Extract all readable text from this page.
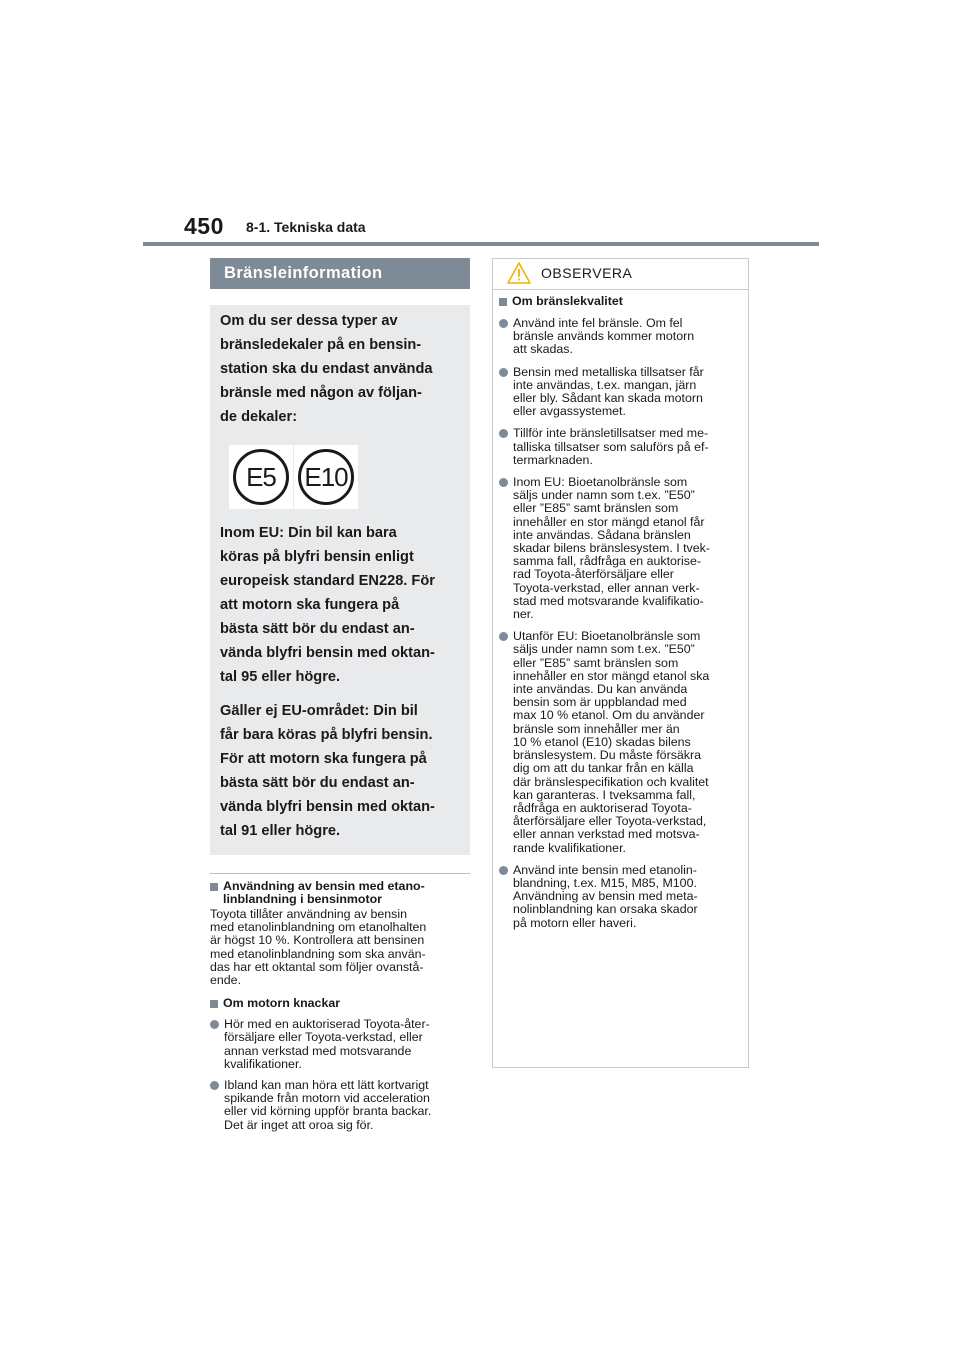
450 8-1. Tekniska data
Bränsleinformation

Om du ser dessa typer av
bränsledekaler på en bensin-
station ska du endast använda
bränsle med någon av följan-
de dekaler:

E5	E10

Inom EU: Din bil kan bara
köras på blyfri bensin enligt
europeisk standard EN228. För
att motorn ska fungera på
bästa sätt bör du endast an-
vända blyfri bensin med oktan-
tal 95 eller högre.

Gäller ej EU-området: Din bil
får bara köras på blyfri bensin.
För att motorn ska fungera på
bästa sätt bör du endast an-
vända blyfri bensin med oktan-
tal 91 eller högre.

Användning av bensin med etano-
linblandning i bensinmotor
Toyota tillåter användning av bensin
med etanolinblandning om etanolhalten
är högst 10 %. Kontrollera att bensinen
med etanolinblandning som ska använ-
das har ett oktantal som följer ovanstå-
ende.
Om motorn knackar
Hör med en auktoriserad Toyota-åter-
försäljare eller Toyota-verkstad, eller
annan verkstad med motsvarande
kvalifikationer.
Ibland kan man höra ett lätt kortvarigt
spikande från motorn vid acceleration
eller vid körning uppför branta backar.
Det är inget att oroa sig för.
OBSERVERA
Om bränslekvalitet
Använd inte fel bränsle. Om fel
bränsle används kommer motorn
att skadas.
Bensin med metalliska tillsatser får
inte användas, t.ex. mangan, järn
eller bly. Sådant kan skada motorn
eller avgassystemet.
Tillför inte bränsletillsatser med me-
talliska tillsatser som saluförs på ef-
termarknaden.
Inom EU: Bioetanolbränsle som
säljs under namn som t.ex. ”E50”
eller ”E85” samt bränslen som
innehåller en stor mängd etanol får
inte användas. Sådana bränslen
skadar bilens bränslesystem. I tvek-
samma fall, rådfråga en auktorise-
rad Toyota-återförsäljare eller
Toyota-verkstad, eller annan verk-
stad med motsvarande kvalifikatio-
ner.
Utanför EU: Bioetanolbränsle som
säljs under namn som t.ex. ”E50”
eller ”E85” samt bränslen som
innehåller en stor mängd etanol ska
inte användas. Du kan använda
bensin som är uppblandad med
max 10 % etanol. Om du använder
bränsle som innehåller mer än
10 % etanol (E10) skadas bilens
bränslesystem. Du måste försäkra
dig om att du tankar från en källa
där bränslespecifikation och kvalitet
kan garanteras. I tveksamma fall,
rådfråga en auktoriserad Toyota-
återförsäljare eller Toyota-verkstad,
eller annan verkstad med motsva-
rande kvalifikationer.
Använd inte bensin med etanolin-
blandning, t.ex. M15, M85, M100.
Användning av bensin med meta-
nolinblandning kan orsaka skador
på motorn eller haveri.
